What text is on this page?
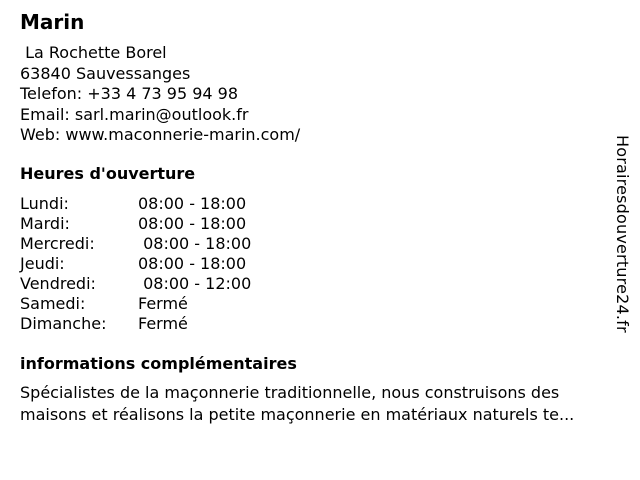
Marin
La Rochette Borel
63840 Sauvessanges
Telefon: +33 4 73 95 94 98
Email: sarl.marin@outlook.fr
Web: www.maconnerie-marin.com/
Heures d'ouverture
Lundi:	08:00 - 18:00
Mardi:	08:00 - 18:00
Mercredi:	08:00 - 18:00
Jeudi:	08:00 - 18:00
Vendredi:	08:00 - 12:00
Samedi:	Fermé
Dimanche:	Fermé
informations complémentaires

Spécialistes de la maçonnerie traditionnelle, nous construisons des maisons et réalisons la petite maçonnerie en matériaux naturels te...

Horairesdouverture24.fr
